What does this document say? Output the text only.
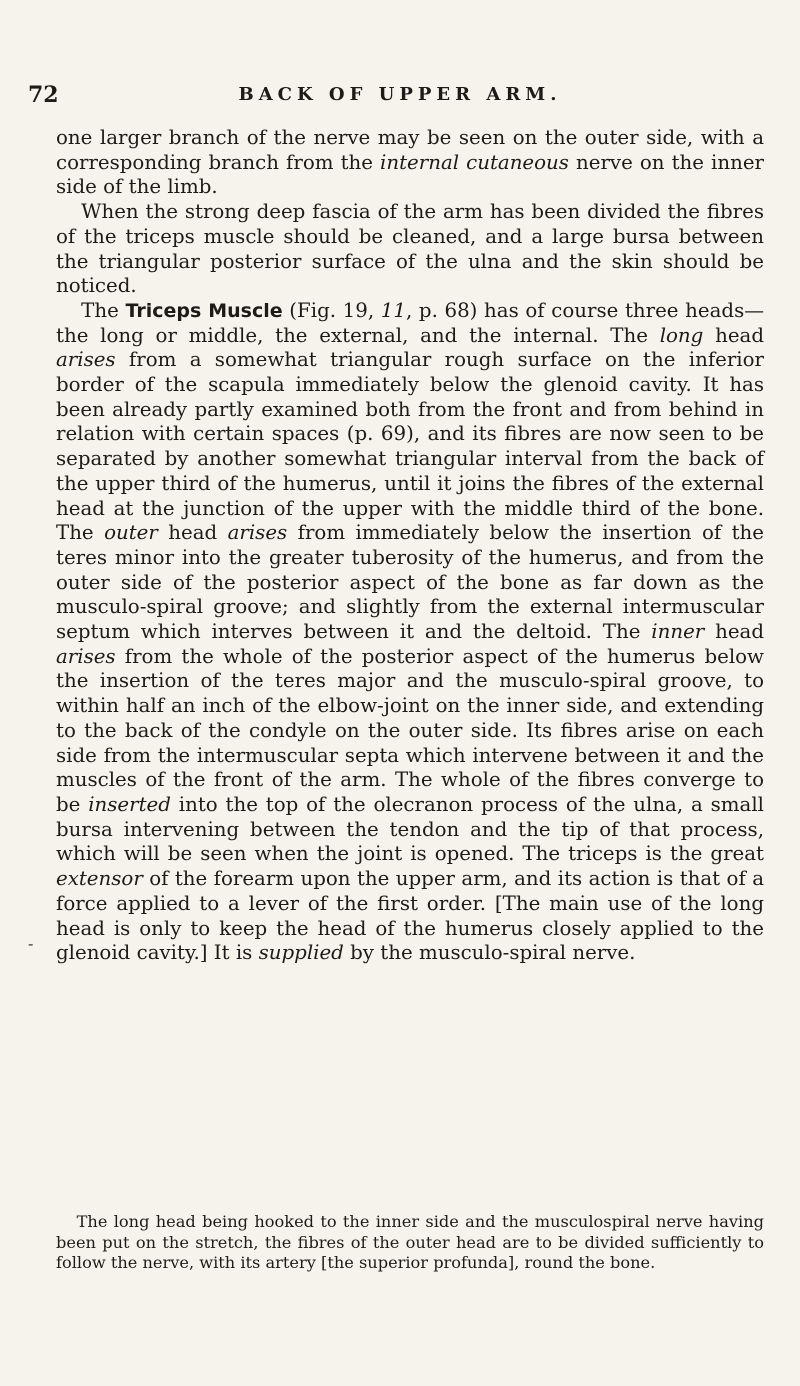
72	BACK OF UPPER ARM.
-

one larger branch of the nerve may be seen on the outer side, with a corresponding branch from the internal cutaneous nerve on the inner side of the limb.

When the strong deep fascia of the arm has been divided the fibres of the triceps muscle should be cleaned, and a large bursa between the triangular posterior surface of the ulna and the skin should be noticed.

The Triceps Muscle (Fig. 19, 11, p. 68) has of course three heads—the long or middle, the external, and the internal. The long head arises from a somewhat triangular rough surface on the inferior border of the scapula immediately below the glenoid cavity. It has been already partly examined both from the front and from behind in relation with certain spaces (p. 69), and its fibres are now seen to be separated by another somewhat triangular interval from the back of the upper third of the humerus, until it joins the fibres of the external head at the junction of the upper with the middle third of the bone. The outer head arises from immediately below the insertion of the teres minor into the greater tuberosity of the humerus, and from the outer side of the posterior aspect of the bone as far down as the musculo-spiral groove; and slightly from the external intermuscular septum which interves between it and the deltoid. The inner head arises from the whole of the posterior aspect of the humerus below the insertion of the teres major and the musculo-spiral groove, to within half an inch of the elbow-joint on the inner side, and extending to the back of the condyle on the outer side. Its fibres arise on each side from the intermuscular septa which intervene between it and the muscles of the front of the arm. The whole of the fibres converge to be inserted into the top of the olecranon process of the ulna, a small bursa intervening between the tendon and the tip of that process, which will be seen when the joint is opened. The triceps is the great extensor of the forearm upon the upper arm, and its action is that of a force applied to a lever of the first order. [The main use of the long head is only to keep the head of the humerus closely applied to the glenoid cavity.] It is supplied by the musculo-spiral nerve.

The long head being hooked to the inner side and the musculospiral nerve having been put on the stretch, the fibres of the outer head are to be divided sufficiently to follow the nerve, with its artery [the superior profunda], round the bone.
